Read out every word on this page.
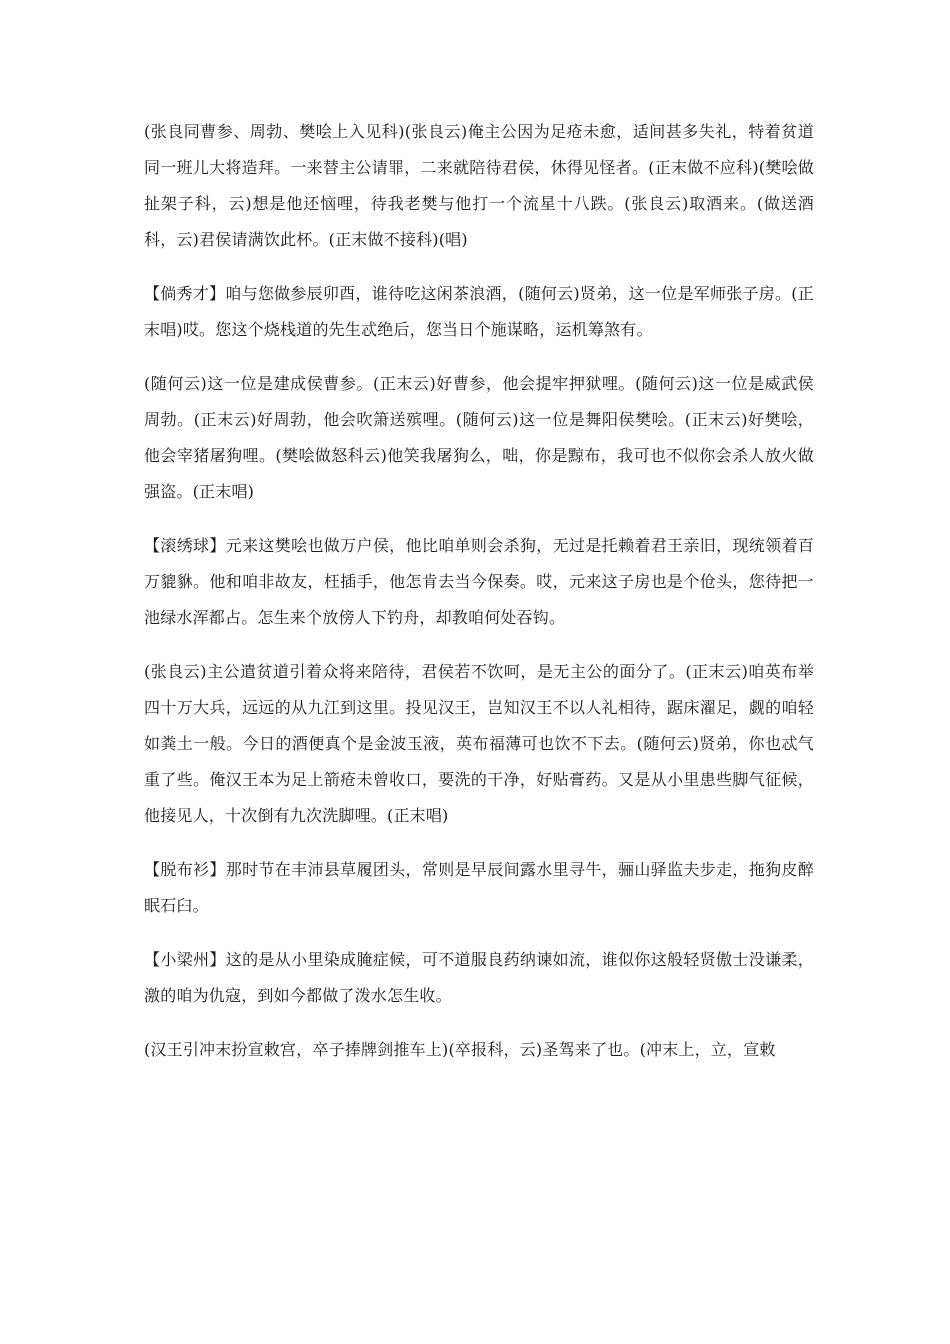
(张良同曹参、周勃、樊哙上入见科)(张良云)俺主公因为足疮未愈，适间甚多失礼，特着贫道同一班儿大将造拜。一来替主公请罪，二来就陪待君侯，休得见怪者。(正末做不应科)(樊哙做扯架子科，云)想是他还恼哩，待我老樊与他打一个流星十八跌。(张良云)取酒来。(做送酒科，云)君侯请满饮此杯。(正末做不接科)(唱)

【倘秀才】咱与您做参辰卯酉，谁待吃这闲茶浪酒，(随何云)贤弟，这一位是军师张子房。(正末唱)哎。您这个烧栈道的先生忒绝后，您当日个施谋略，运机筹煞有。

(随何云)这一位是建成侯曹参。(正末云)好曹参，他会提牢押狱哩。(随何云)这一位是威武侯周勃。(正末云)好周勃，他会吹箫送殡哩。(随何云)这一位是舞阳侯樊哙。(正末云)好樊哙，他会宰猪屠狗哩。(樊哙做怒科云)他笑我屠狗么，咄，你是黥布，我可也不似你会杀人放火做强盗。(正末唱)

【滚绣球】元来这樊哙也做万户侯，他比咱单则会杀狗，无过是托赖着君王亲旧，现统领着百万貔貅。他和咱非故友，枉插手，他怎肯去当今保奏。哎，元来这子房也是个伧头，您待把一池绿水浑都占。怎生来个放傍人下钓舟，却教咱何处吞钩。

(张良云)主公遣贫道引着众将来陪待，君侯若不饮呵，是无主公的面分了。(正末云)咱英布举四十万大兵，远远的从九江到这里。投见汉王，岂知汉王不以人礼相待，踞床濯足，觑的咱轻如粪土一般。今日的酒便真个是金波玉液，英布福薄可也饮不下去。(随何云)贤弟，你也忒气重了些。俺汉王本为足上箭疮未曾收口，要洗的干净，好贴膏药。又是从小里患些脚气征候，他接见人，十次倒有九次洗脚哩。(正末唱)

【脱布衫】那时节在丰沛县草履团头，常则是早辰间露水里寻牛，骊山驿监夫步走，拖狗皮醉眠石臼。

【小梁州】这的是从小里染成腌症候，可不道服良药纳谏如流，谁似你这般轻贤傲士没谦柔，激的咱为仇寇，到如今都做了泼水怎生收。

(汉王引冲末扮宣敕宫，卒子捧牌剑推车上)(卒报科，云)圣驾来了也。(冲末上，立，宣敕
